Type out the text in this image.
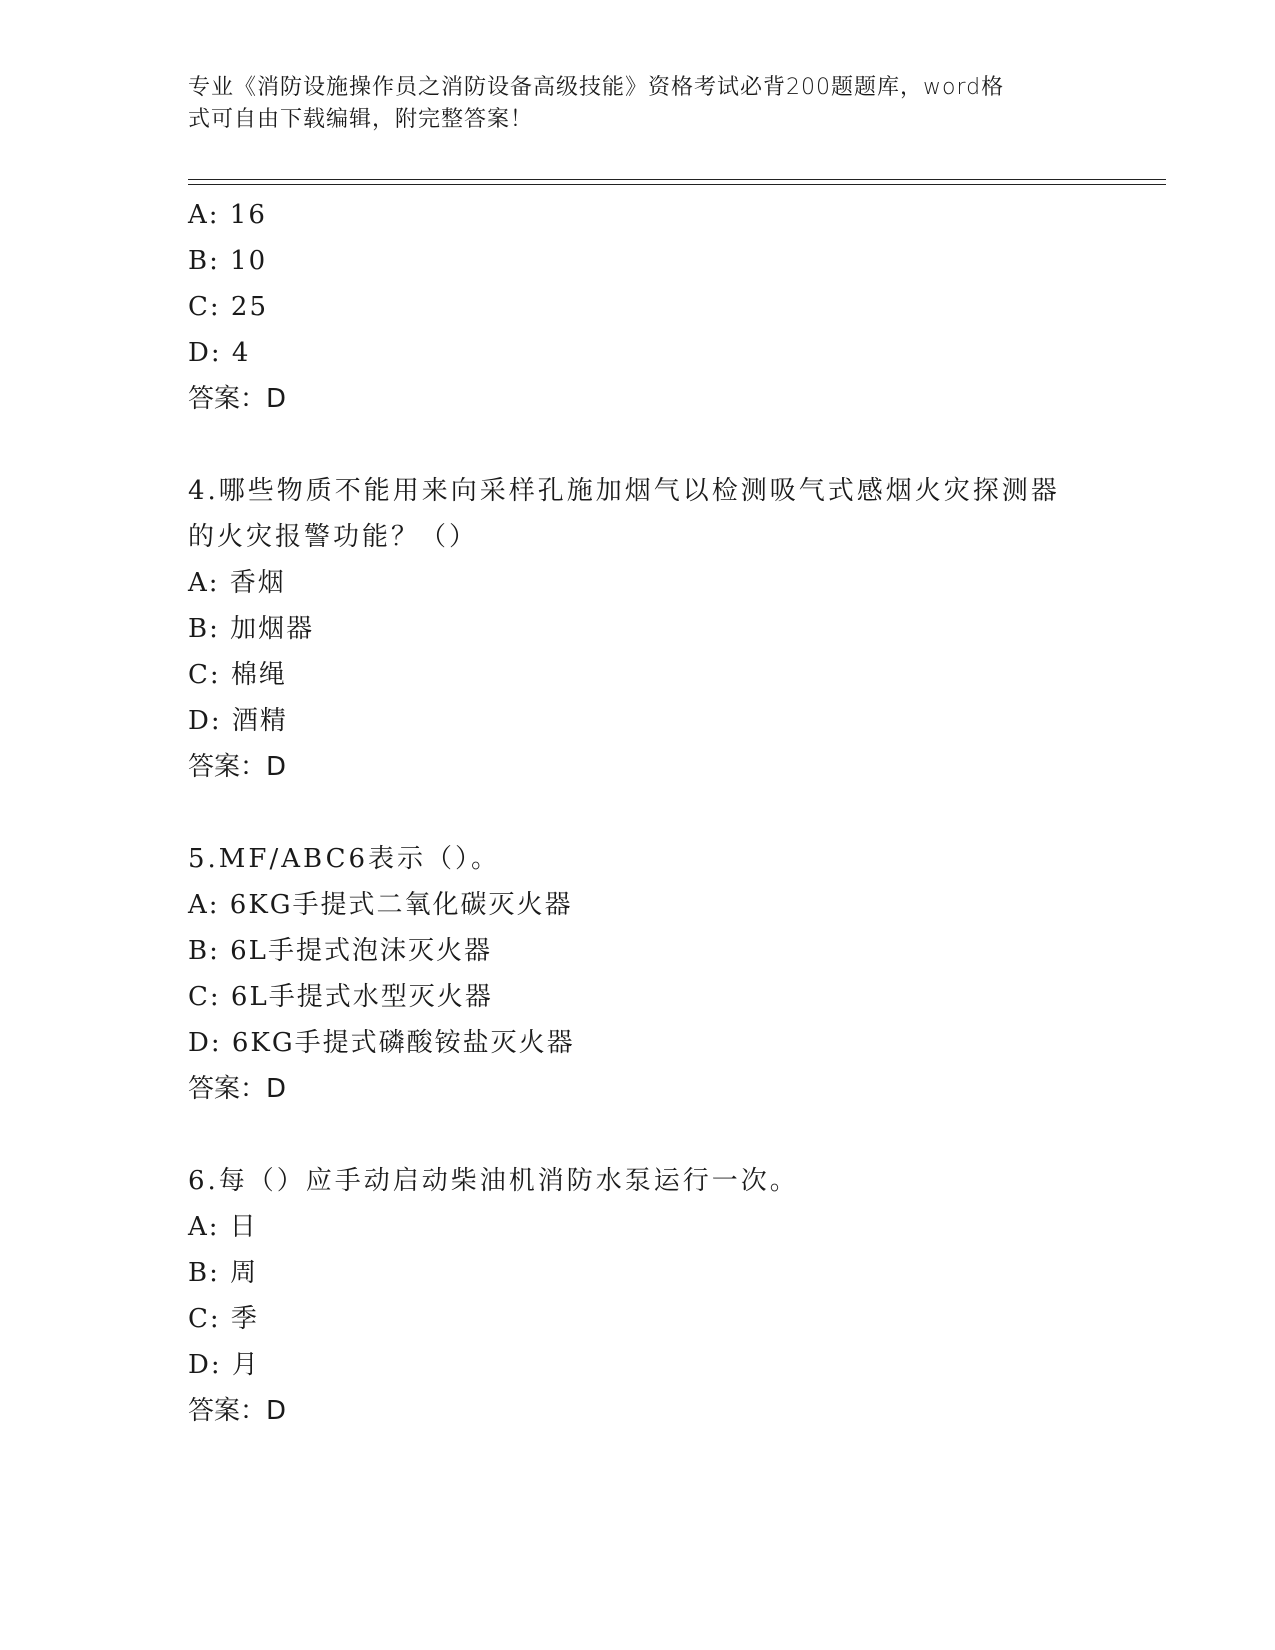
专业《消防设施操作员之消防设备高级技能》资格考试必背200题题库，word格
式可自由下载编辑，附完整答案！
A: 16
B: 10
C: 25
D: 4
答案：D
4.哪些物质不能用来向采样孔施加烟气以检测吸气式感烟火灾探测器
的火灾报警功能？（）
A: 香烟
B: 加烟器
C: 棉绳
D: 酒精
答案：D
5.MF/ABC6表示（）。
A: 6KG手提式二氧化碳灭火器
B: 6L手提式泡沫灭火器
C: 6L手提式水型灭火器
D: 6KG手提式磷酸铵盐灭火器
答案：D
6.每（）应手动启动柴油机消防水泵运行一次。
A: 日
B: 周
C: 季
D: 月
答案：D
